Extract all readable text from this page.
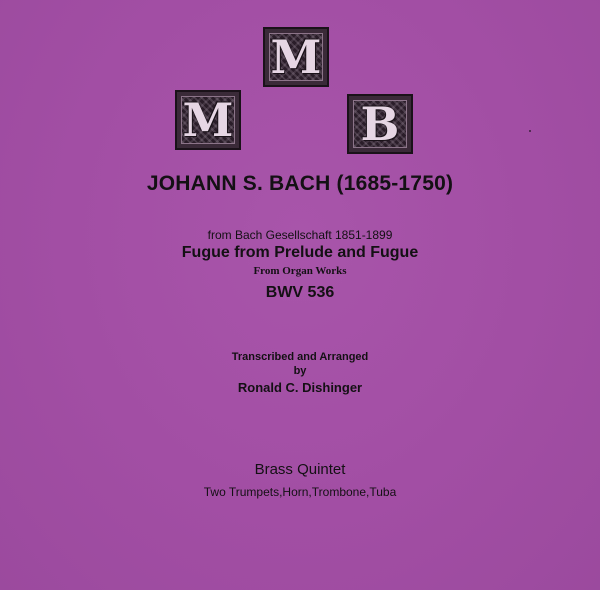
M
M
B
JOHANN S. BACH (1685-1750)
from Bach Gesellschaft 1851-1899
Fugue from Prelude and Fugue
From Organ Works
BWV 536
Transcribed and Arranged
by
Ronald C. Dishinger
Brass Quintet
Two Trumpets,Horn,Trombone,Tuba
